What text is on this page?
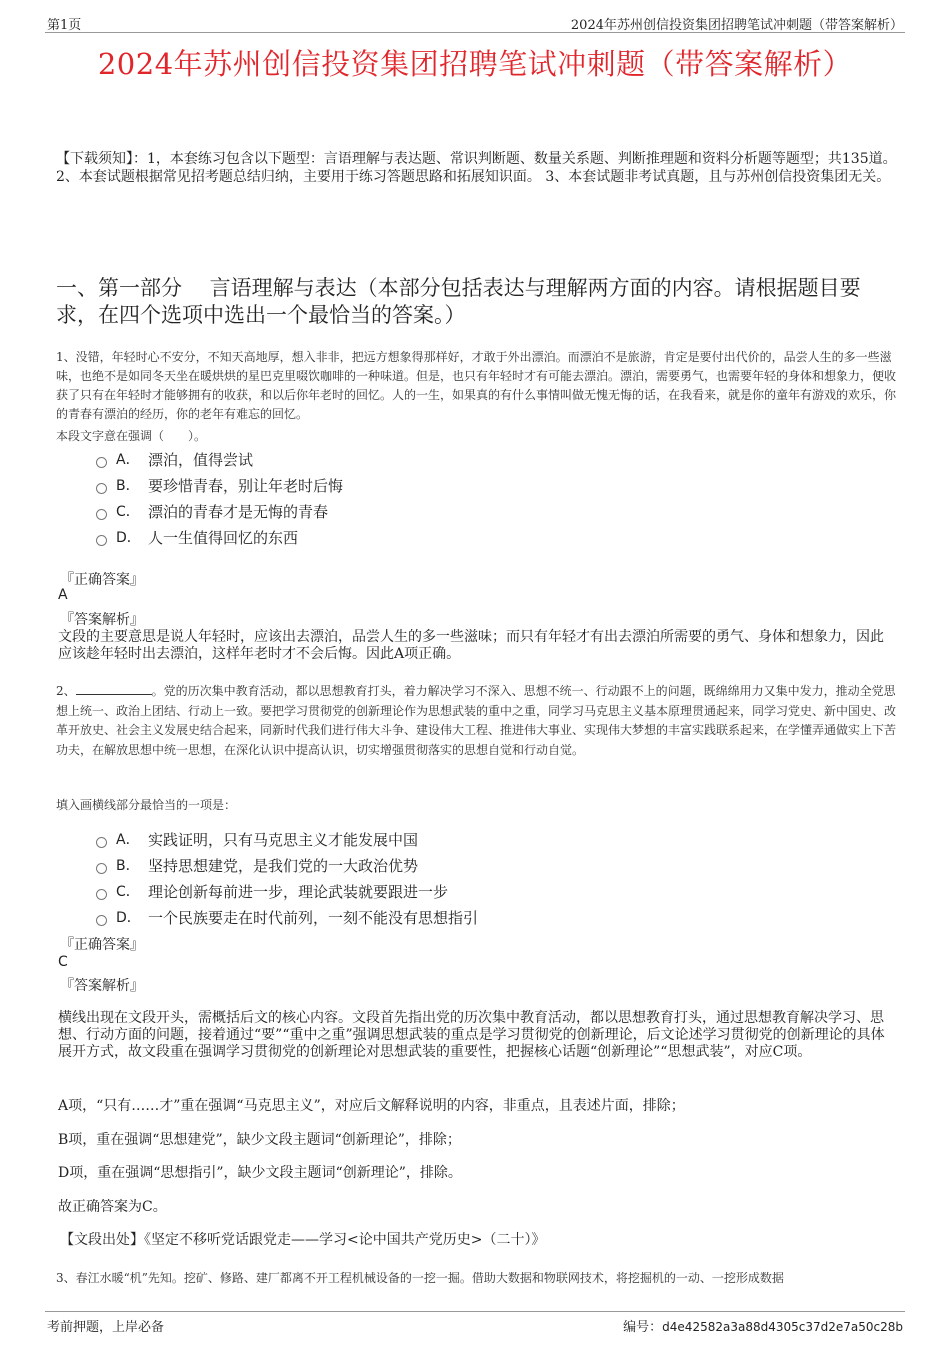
第1页	2024年苏州创信投资集团招聘笔试冲刺题（带答案解析）
2024年苏州创信投资集团招聘笔试冲刺题（带答案解析）
【下载须知】：1，本套练习包含以下题型：言语理解与表达题、常识判断题、数量关系题、判断推理题和资料分析题等题型；共135道。 2、本套试题根据常见招考题总结归纳，主要用于练习答题思路和拓展知识面。 3、本套试题非考试真题，且与苏州创信投资集团无关。
一、第一部分　 言语理解与表达（本部分包括表达与理解两方面的内容。请根据题目要求，在四个选项中选出一个最恰当的答案。）
1、没错，年轻时心不安分，不知天高地厚，想入非非，把远方想象得那样好，才敢于外出漂泊。而漂泊不是旅游，肯定是要付出代价的，品尝人生的多一些滋味，也绝不是如同冬天坐在暖烘烘的星巴克里啜饮咖啡的一种味道。但是，也只有年轻时才有可能去漂泊。漂泊，需要勇气，也需要年轻的身体和想象力，便收获了只有在年轻时才能够拥有的收获，和以后你年老时的回忆。人的一生，如果真的有什么事情叫做无愧无悔的话，在我看来，就是你的童年有游戏的欢乐，你的青春有漂泊的经历，你的老年有难忘的回忆。
本段文字意在强调（　　）。
A． 漂泊，值得尝试
B． 要珍惜青春，别让年老时后悔
C． 漂泊的青春才是无悔的青春
D． 人一生值得回忆的东西
『正确答案』
A
『答案解析』
文段的主要意思是说人年轻时，应该出去漂泊，品尝人生的多一些滋味；而只有年轻才有出去漂泊所需要的勇气、身体和想象力，因此应该趁年轻时出去漂泊，这样年老时才不会后悔。因此A项正确。
2、	。党的历次集中教育活动，都以思想教育打头，着力解决学习不深入、思想不统一、行动跟不上的问题，既绵绵用力又集中发力，推动全党思想上统一、政治上团结、行动上一致。要把学习贯彻党的创新理论作为思想武装的重中之重，同学习马克思主义基本原理贯通起来，同学习党史、新中国史、改革开放史、社会主义发展史结合起来，同新时代我们进行伟大斗争、建设伟大工程、推进伟大事业、实现伟大梦想的丰富实践联系起来，在学懂弄通做实上下苦功夫，在解放思想中统一思想，在深化认识中提高认识，切实增强贯彻落实的思想自觉和行动自觉。
填入画横线部分最恰当的一项是：
A． 实践证明，只有马克思主义才能发展中国
B． 坚持思想建党，是我们党的一大政治优势
C． 理论创新每前进一步，理论武装就要跟进一步
D． 一个民族要走在时代前列，一刻不能没有思想指引
『正确答案』
C
『答案解析』
横线出现在文段开头，需概括后文的核心内容。文段首先指出党的历次集中教育活动，都以思想教育打头，通过思想教育解决学习、思想、行动方面的问题，接着通过“要”“重中之重”强调思想武装的重点是学习贯彻党的创新理论，后文论述学习贯彻党的创新理论的具体展开方式，故文段重在强调学习贯彻党的创新理论对思想武装的重要性，把握核心话题“创新理论”“思想武装”，对应C项。
A项，“只有……才”重在强调“马克思主义”，对应后文解释说明的内容，非重点，且表述片面，排除；
B项，重在强调“思想建党”，缺少文段主题词“创新理论”，排除；
D项，重在强调“思想指引”，缺少文段主题词“创新理论”，排除。
故正确答案为C。
【文段出处】《坚定不移听党话跟党走——学习<论中国共产党历史>（二十）》
3、春江水暖“机”先知。挖矿、修路、建厂都离不开工程机械设备的一挖一掘。借助大数据和物联网技术，将挖掘机的一动、一挖形成数据
考前押题，上岸必备	编号：d4e42582a3a88d4305c37d2e7a50c28b
